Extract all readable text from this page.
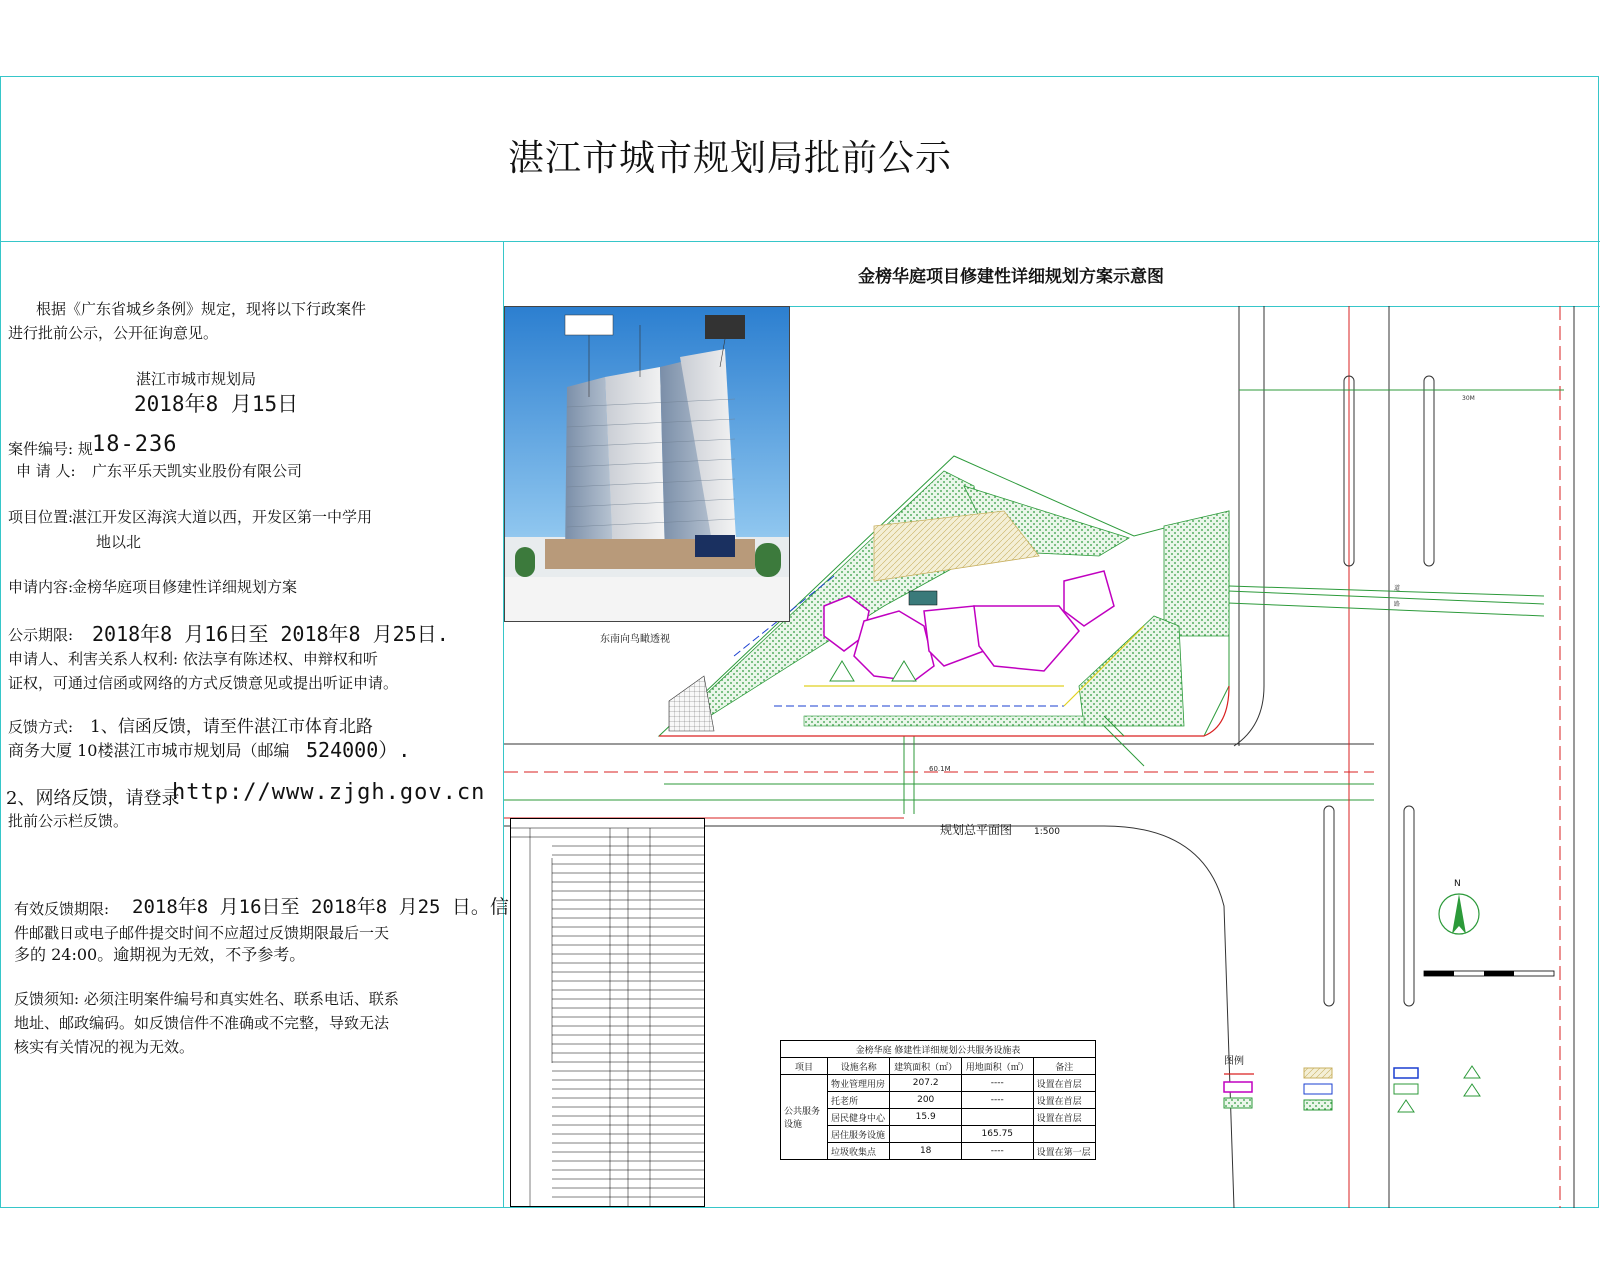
湛江市城市规划局批前公示
金榜华庭项目修建性详细规划方案示意图

根据《广东省城乡条例》规定，现将以下行政案件

进行批前公示，公开征询意见。

湛江市城市规划局

2018年8 月15日

案件编号: 规 18-236

申 请 人: 广东平乐天凯实业股份有限公司

项目位置:

湛江开发区海滨大道以西，开发区第一中学用

地以北

申请内容:

金榜华庭项目修建性详细规划方案

公示期限: 2018年8 月16日至 2018年8 月25日.

申请人、利害关系人权利: 依法享有陈述权、申辩权和听

证权，可通过信函或网络的方式反馈意见或提出听证申请。

反馈方式: 1、信函反馈，请至件湛江市体育北路

商务大厦 10楼湛江市城市规划局（邮编 524000）.

2、网络反馈，请登录

http://www.zjgh.gov.cn

批前公示栏反馈。

有效反馈期限: 2018年8 月16日至 2018年8 月25 日。信

件邮戳日或电子邮件提交时间不应超过反馈期限最后一天

多的 24:00。逾期视为无效，不予参考。

反馈须知: 必须注明案件编号和真实姓名、联系电话、联系

地址、邮政编码。如反馈信件不准确或不完整，导致无法

核实有关情况的视为无效。

30M
道
路
60.1M
N
规划总平面图 1:500
图例
东南向鸟瞰透视
金榜华庭 修建性详细规划公共服务设施表				
项目	设施名称	建筑面积（㎡）	用地面积（㎡）	备注
公共服务设施	物业管理用房	207.2	----	设置在首层
	托老所	200	----	设置在首层
	居民健身中心	15.9		设置在首层
	居住服务设施		165.75	
	垃圾收集点	18	----	设置在第一层
